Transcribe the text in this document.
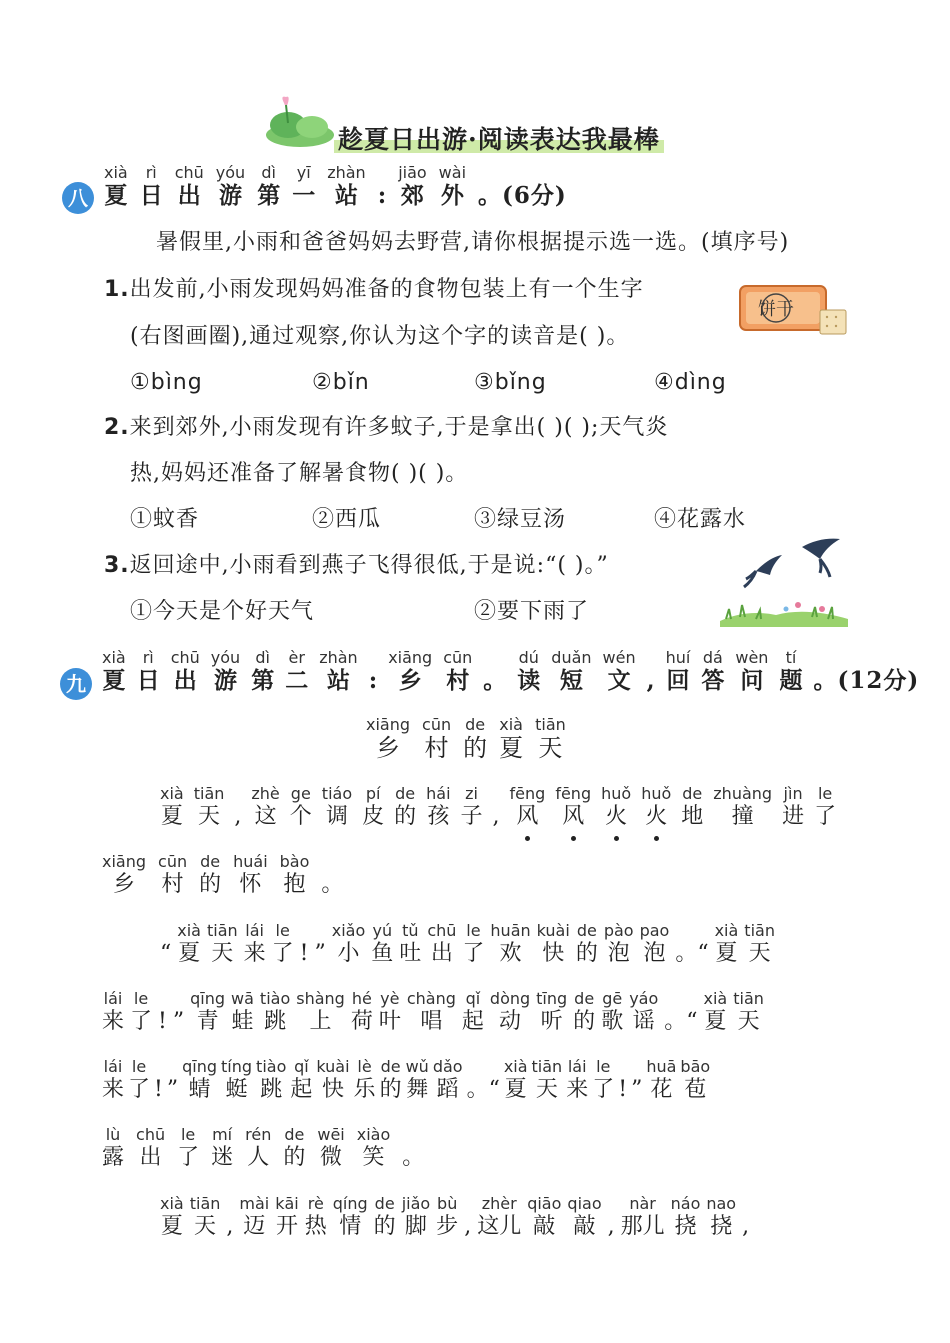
趁夏日出游·阅读表达我最棒
八
xià
夏
rì
日
chū
出
yóu
游
dì
第
yī
一
zhàn
站 :
jiāo
郊
wài
外 。(6分)
暑假里,小雨和爸爸妈妈去野营,请你根据提示选一选。(填序号)
1.出发前,小雨发现妈妈准备的食物包装上有一个生字
(右图画圈),通过观察,你认为这个字的读音是( )。
①bìng	②bǐn	③bǐng	④dìng
饼干
2.来到郊外,小雨发现有许多蚊子,于是拿出( )( );天气炎
热,妈妈还准备了解暑食物( )( )。
①蚊香	②西瓜	③绿豆汤	④花露水
3.返回途中,小雨看到燕子飞得很低,于是说:“( )。”
①今天是个好天气	②要下雨了
九
xià
夏
rì
日
chū
出
yóu
游
dì
第
èr
二
zhàn
站 :
xiāng
乡
cūn
村 。
dú
读
duǎn
短
wén
文 ,
huí
回
dá
答
wèn
问
tí
题 。(12分)
xiāng
乡
cūn
村
de
的
xià
夏
tiān
天
xià
夏
tiān
天 ,
zhè
这
ge
个
tiáo
调
pí
皮
de
的
hái
孩
zi
子 ,
fēng
风
fēng
风
huǒ
火
huǒ
火
de
地
zhuàng
撞
jìn
进
le
了
xiāng
乡
cūn
村
de
的
huái
怀
bào
抱 。
“
xià
夏
tiān
天
lái
来
le
了 ! ”
xiǎo
小
yú
鱼
tǔ
吐
chū
出
le
了
huān
欢
kuài
快
de
的
pào
泡
pao
泡 。“
xià
夏
tiān
天
lái
来
le
了 ! ”
qīng
青
wā
蛙
tiào
跳
shàng
上
hé
荷
yè
叶
chàng
唱
qǐ
起
dòng
动
tīng
听
de
的
gē
歌
yáo
谣 。“
xià
夏
tiān
天
lái
来
le
了 ! ”
qīng
蜻
tíng
蜓
tiào
跳
qǐ
起
kuài
快
lè
乐
de
的
wǔ
舞
dǎo
蹈 。“
xià
夏
tiān
天
lái
来
le
了 ! ”
huā
花
bāo
苞
lù
露
chū
出
le
了
mí
迷
rén
人
de
的
wēi
微
xiào
笑 。
xià
夏
tiān
天 ,
mài
迈
kāi
开
rè
热
qíng
情
de
的
jiǎo
脚
bù
步 ,
zhèr
这儿
qiāo
敲
qiao
敲 ,
nàr
那儿
náo
挠
nao
挠 ,
